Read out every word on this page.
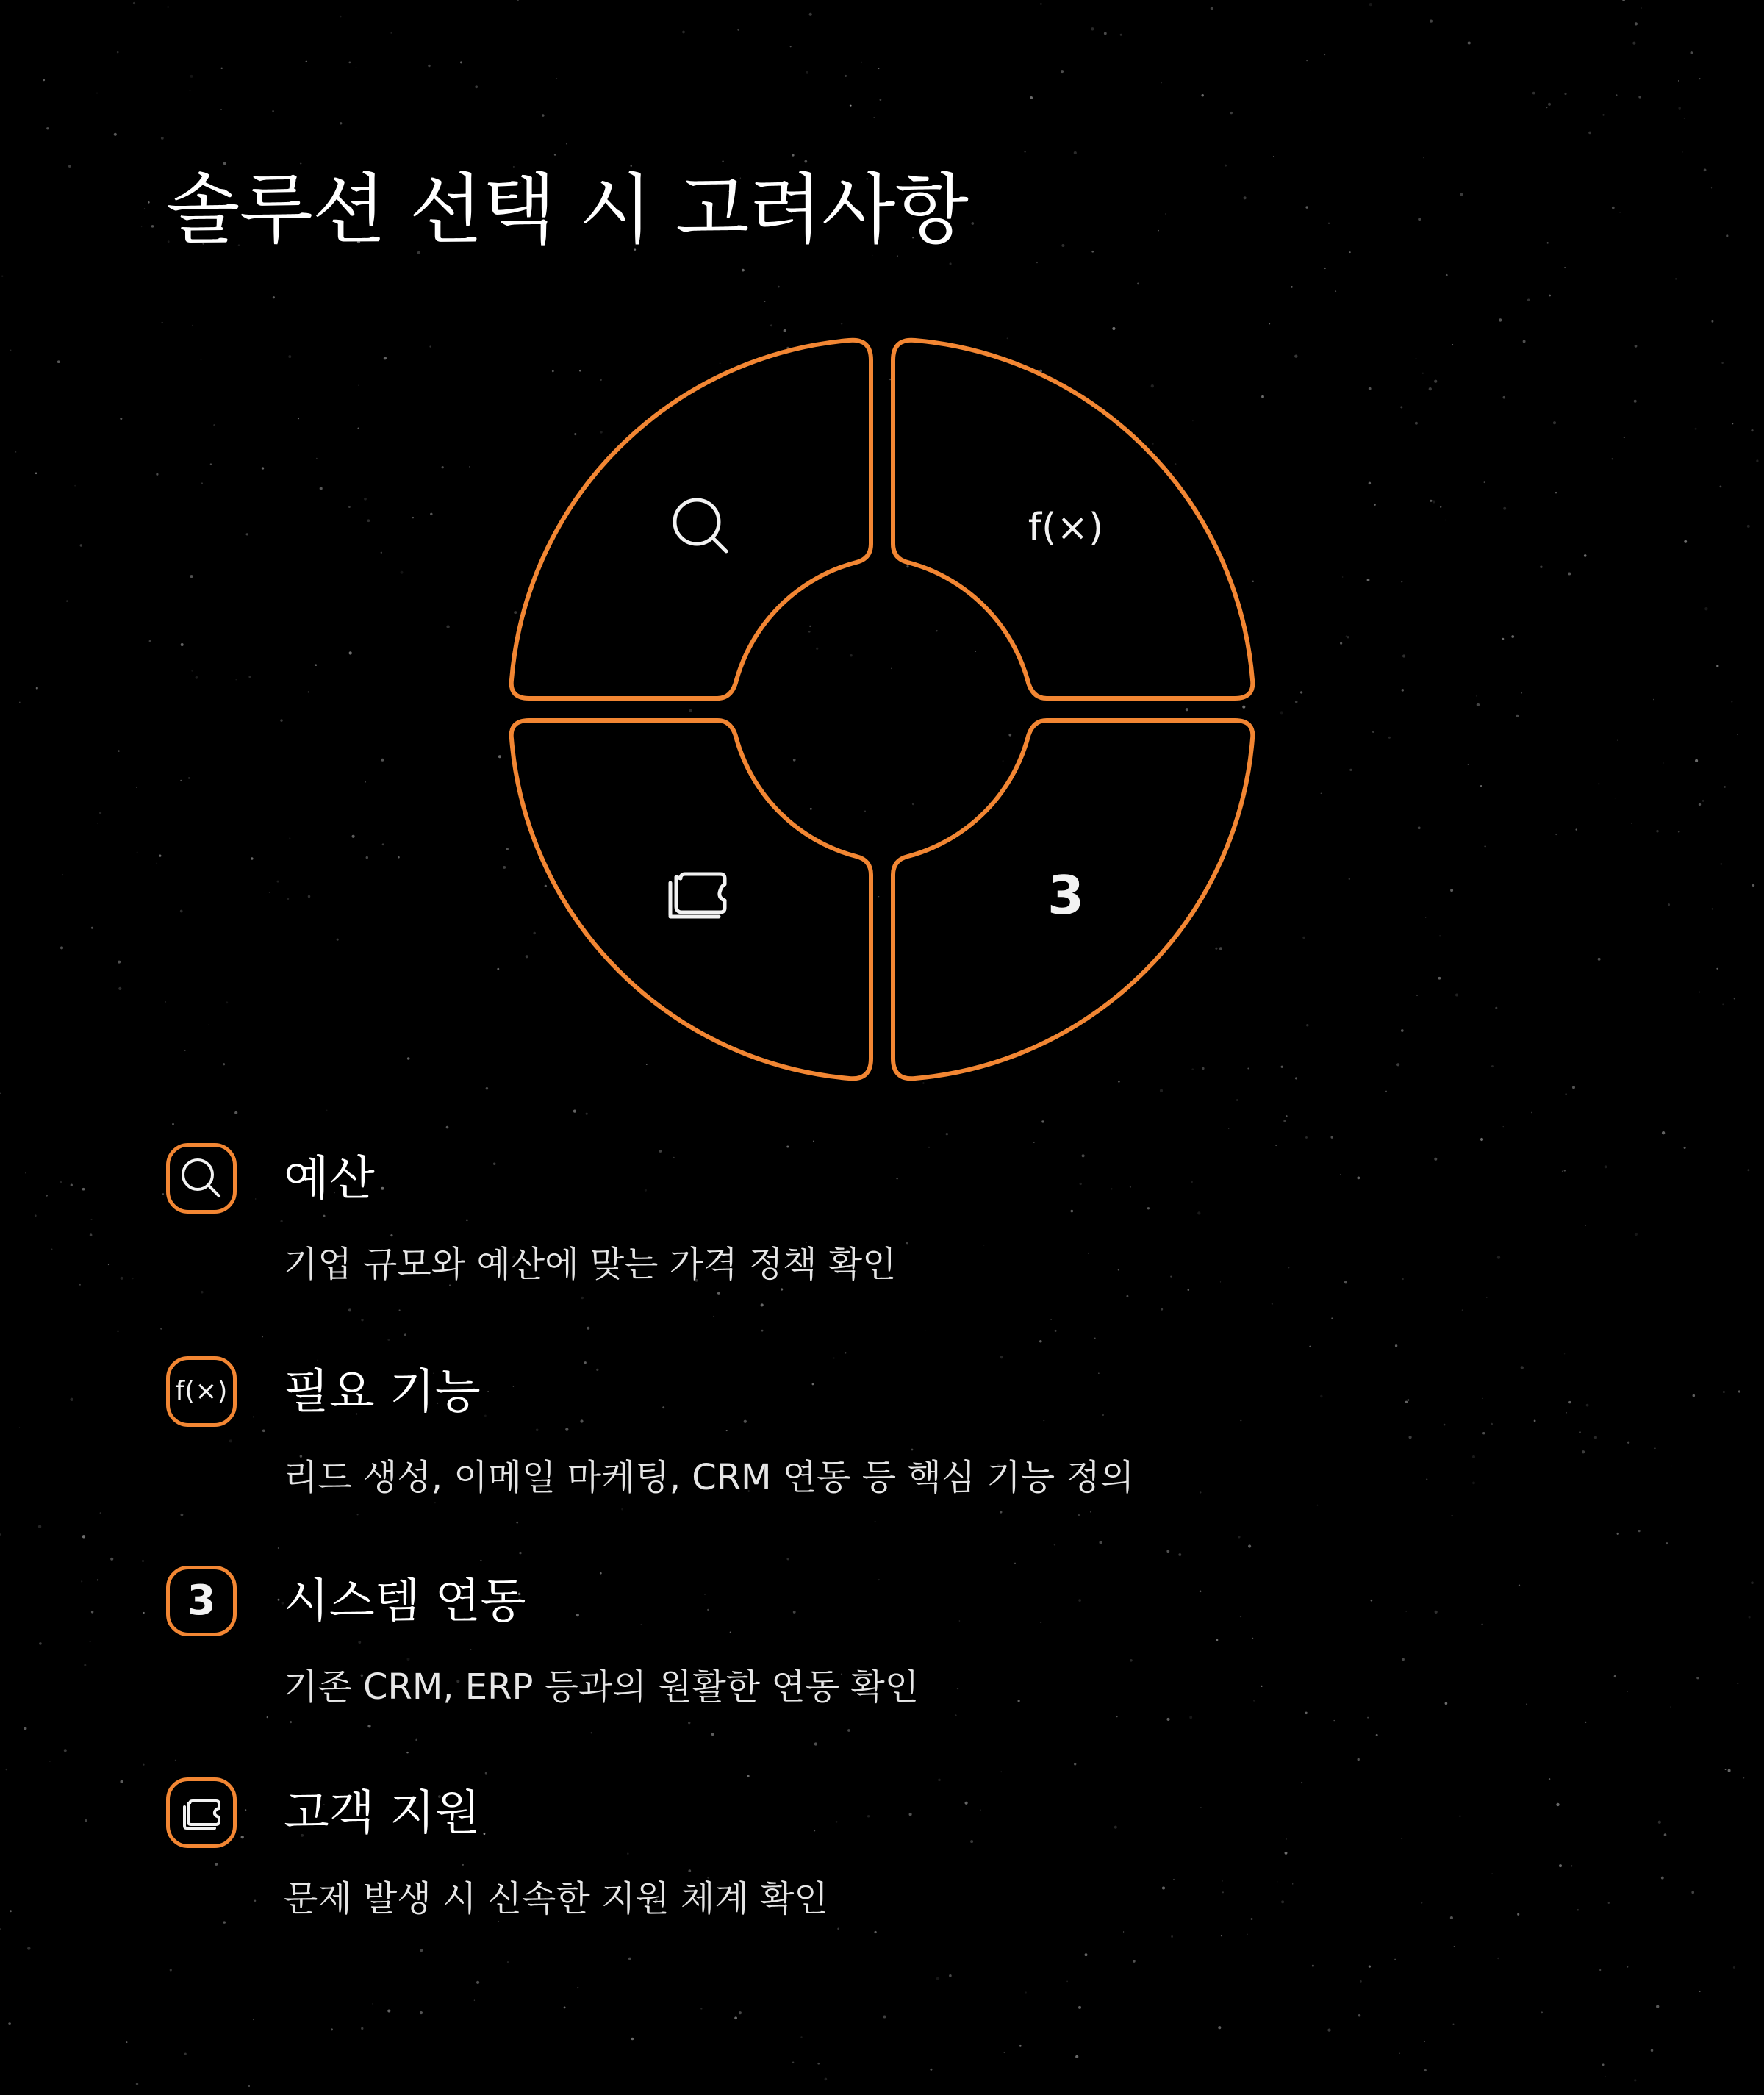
솔루션 선택 시 고려사항
f(×)
3
예산
기업 규모와 예산에 맞는 가격 정책 확인
f(×) 필요 기능
리드 생성, 이메일 마케팅, CRM 연동 등 핵심 기능 정의
3 시스템 연동
기존 CRM, ERP 등과의 원활한 연동 확인
고객 지원
문제 발생 시 신속한 지원 체계 확인
